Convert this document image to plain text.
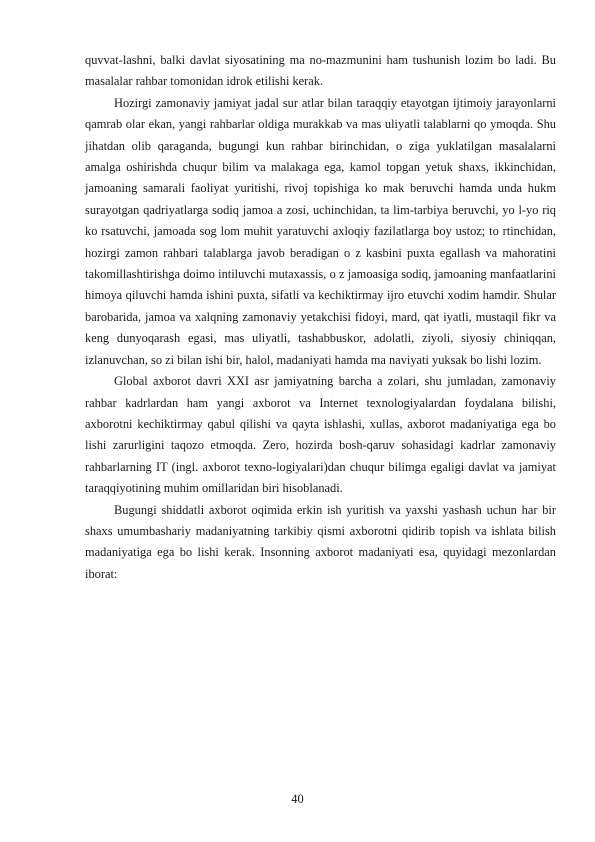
quvvat-lashni, balki davlat siyosatining ma no-mazmunini ham tushunish lozim bo ladi. Bu masalalar rahbar tomonidan idrok etilishi kerak.

Hozirgi zamonaviy jamiyat jadal sur atlar bilan taraqqiy etayotgan ijtimoiy jarayonlarni qamrab olar ekan, yangi rahbarlar oldiga murakkab va mas uliyatli talablarni qo ymoqda. Shu jihatdan olib qaraganda, bugungi kun rahbar birinchidan, o ziga yuklatilgan masalalarni amalga oshirishda chuqur bilim va malakaga ega, kamol topgan yetuk shaxs, ikkinchidan, jamoaning samarali faoliyat yuritishi, rivoj topishiga ko mak beruvchi hamda unda hukm surayotgan qadriyatlarga sodiq jamoa a zosi, uchinchidan, ta lim-tarbiya beruvchi, yo l-yo riq ko rsatuvchi, jamoada sog lom muhit yaratuvchi axloqiy fazilatlarga boy ustoz; to rtinchidan, hozirgi zamon rahbari talablarga javob beradigan o z kasbini puxta egallash va mahoratini takomillashtirishga doimo intiluvchi mutaxassis, o z jamoasiga sodiq, jamoaning manfaatlarini himoya qiluvchi hamda ishini puxta, sifatli va kechiktirmay ijro etuvchi xodim hamdir. Shular barobarida, jamoa va xalqning zamonaviy yetakchisi fidoyi, mard, qat iyatli, mustaqil fikr va keng dunyoqarash egasi, mas uliyatli, tashabbuskor, adolatli, ziyoli, siyosiy chiniqqan, izlanuvchan, so zi bilan ishi bir, halol, madaniyati hamda ma naviyati yuksak bo lishi lozim.

Global axborot davri XXI asr jamiyatning barcha a zolari, shu jumladan, zamonaviy rahbar kadrlardan ham yangi axborot va Internet texnologiyalardan foydalana bilishi, axborotni kechiktirmay qabul qilishi va qayta ishlashi, xullas, axborot madaniyatiga ega bo lishi zarurligini taqozo etmoqda. Zero, hozirda bosh-qaruv sohasidagi kadrlar zamonaviy rahbarlarning IT (ingl. axborot texno-logiyalari)dan chuqur bilimga egaligi davlat va jamiyat taraqqiyotining muhim omillaridan biri hisoblanadi.

Bugungi shiddatli axborot oqimida erkin ish yuritish va yaxshi yashash uchun har bir shaxs umumbashariy madaniyatning tarkibiy qismi axborotni qidirib topish va ishlata bilish madaniyatiga ega bo lishi kerak. Insonning axborot madaniyati esa, quyidagi mezonlardan iborat:

40
